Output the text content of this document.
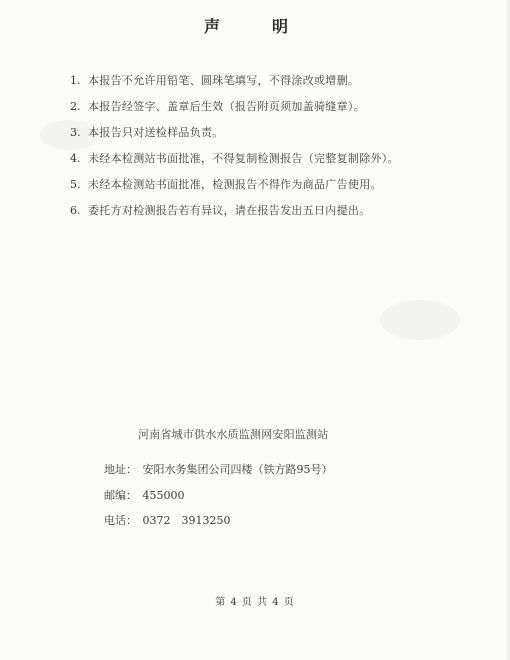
声　明
1. 本报告不允许用铅笔、圆珠笔填写，不得涂改或增删。
2. 本报告经签字、盖章后生效（报告附页须加盖骑缝章）。
3. 本报告只对送检样品负责。
4. 未经本检测站书面批准，不得复制检测报告（完整复制除外）。
5. 未经本检测站书面批准，检测报告不得作为商品广告使用。
6. 委托方对检测报告若有异议，请在报告发出五日内提出。
河南省城市供水水质监测网安阳监测站
地址： 安阳水务集团公司四楼（铁方路95号）
邮编： 455000
电话： 0372　3913250
第 4 页 共 4 页
